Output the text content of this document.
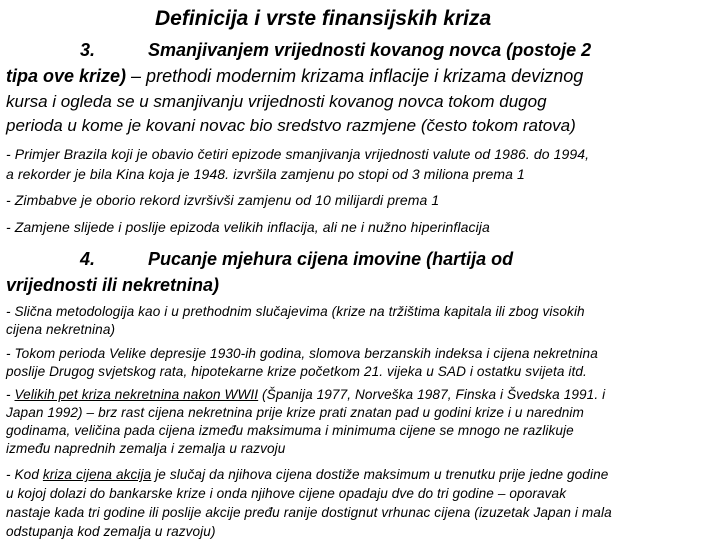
Definicija i vrste finansijskih kriza
3.	Smanjivanjem vrijednosti kovanog novca (postoje 2
tipa ove krize) – prethodi modernim krizama inflacije i krizama deviznog
kursa i ogleda se u smanjivanju vrijednosti kovanog novca tokom dugog
perioda u kome je kovani novac bio sredstvo razmjene (često tokom ratova)
- Primjer Brazila koji je obavio četiri epizode smanjivanja vrijednosti valute od 1986. do 1994,
a rekorder je bila Kina koja je 1948. izvršila zamjenu po stopi od 3 miliona prema 1
- Zimbabve je oborio rekord izvršivši zamjenu od 10 milijardi prema 1
- Zamjene slijede i poslije epizoda velikih inflacija, ali ne i nužno hiperinflacija
4.	Pucanje mjehura cijena imovine (hartija od
vrijednosti ili nekretnina)
- Slična metodologija kao i u prethodnim slučajevima (krize na tržištima kapitala ili zbog visokih
cijena nekretnina)
- Tokom perioda Velike depresije 1930-ih godina, slomova berzanskih indeksa i cijena nekretnina
poslije Drugog svjetskog rata, hipotekarne krize početkom 21. vijeka u SAD i ostatku svijeta itd.
- Velikih pet kriza nekretnina nakon WWII (Španija 1977, Norveška 1987, Finska i Švedska 1991. i
Japan 1992) – brz rast cijena nekretnina prije krize prati znatan pad u godini krize i u narednim
godinama, veličina pada cijena između maksimuma i minimuma cijene se mnogo ne razlikuje
između naprednih zemalja i zemalja u razvoju
- Kod kriza cijena akcija je slučaj da njihova cijena dostiže maksimum u trenutku prije jedne godine
u kojoj dolazi do bankarske krize i onda njihove cijene opadaju dve do tri godine – oporavak
nastaje kada tri godine ili poslije akcije pređu ranije dostignut vrhunac cijena (izuzetak Japan i mala
odstupanja kod zemalja u razvoju)
